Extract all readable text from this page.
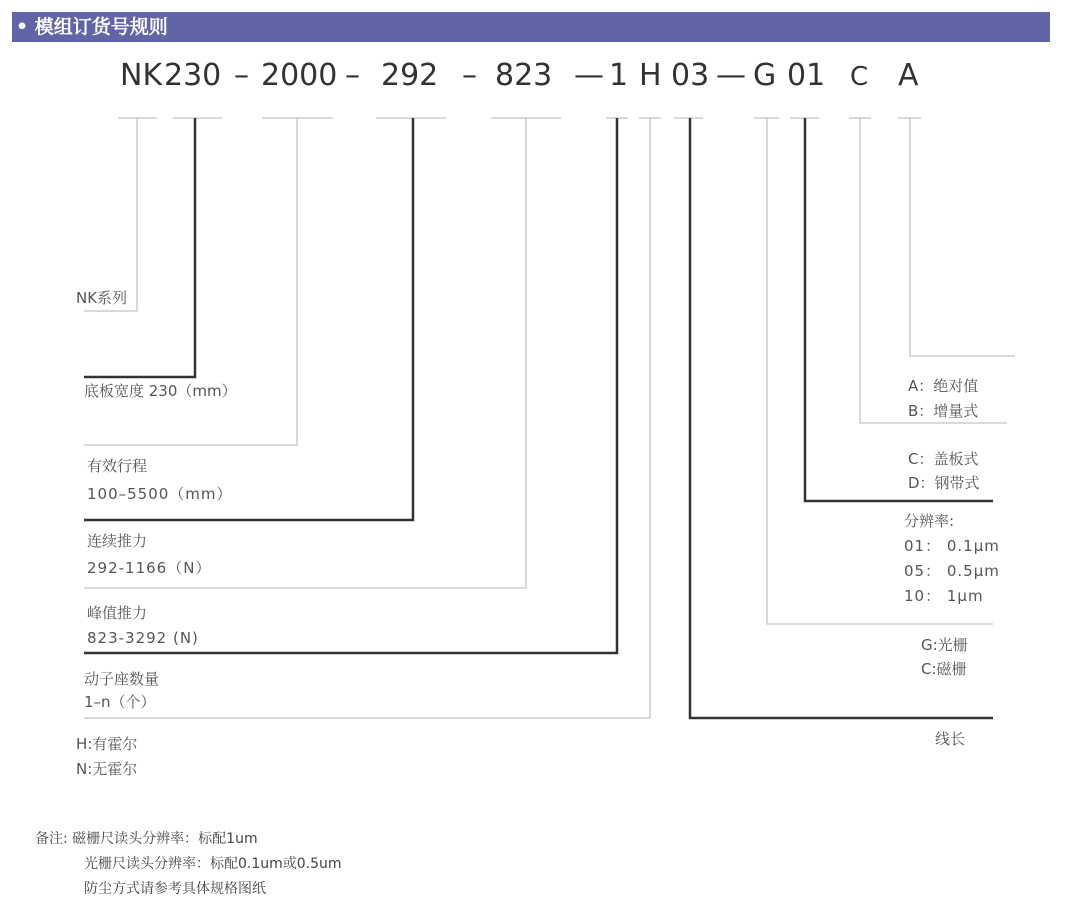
• 模组订货号规则
NK 230 – 2000 – 292 – 823 — 1 H 03 — G 01 C A
NK系列
底板宽度 230（mm）
有效行程
100–5500（mm）
连续推力
292-1166（N）
峰值推力
823-3292 (N)
动子座数量
1–n（个）
H:有霍尔
N:无霍尔
A：绝对值
B：增量式
C：盖板式
D：钢带式
分辨率:
01： 0.1μm
05： 0.5μm
10： 1μm
G:光栅
C:磁栅
线长
备注: 磁栅尺读头分辨率：标配1um
光栅尺读头分辨率：标配0.1um或0.5um
防尘方式请参考具体规格图纸
